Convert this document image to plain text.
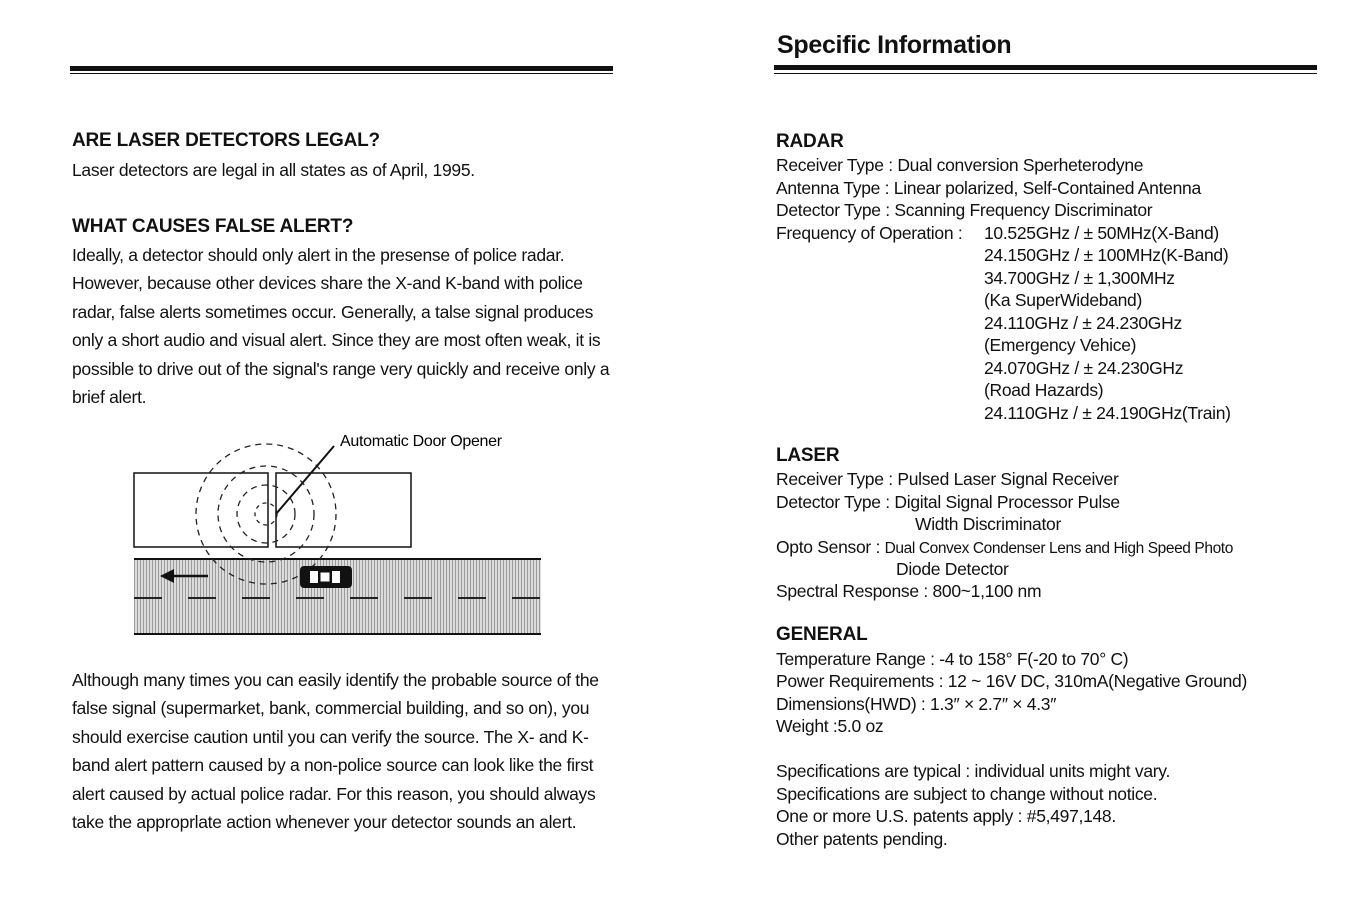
ARE LASER DETECTORS LEGAL?

Laser detectors are legal in all states as of April, 1995.

WHAT CAUSES FALSE ALERT?

Ideally, a detector should only alert in the presense of police radar. However, because other devices share the X-and K-band with police radar, false alerts sometimes occur. Generally, a talse signal produces only a short audio and visual alert. Since they are most often weak, it is possible to drive out of the signal's range very quickly and receive only a brief alert.

Automatic Door Opener

Although many times you can easily identify the probable source of the false signal (supermarket, bank, commercial building, and so on), you should exercise caution until you can verify the source. The X- and K-band alert pattern caused by a non-police source can look like the first alert caused by actual police radar. For this reason, you should always take the approprlate action whenever your detector sounds an alert.

Specific Information
RADAR
Receiver Type : Dual conversion Sperheterodyne
Antenna Type : Linear polarized, Self-Contained Antenna
Detector Type : Scanning Frequency Discriminator
Frequency of Operation : 10.525GHz / ± 50MHz(X-Band)
24.150GHz / ± 100MHz(K-Band)
34.700GHz / ± 1,300MHz
(Ka SuperWideband)
24.110GHz / ± 24.230GHz
(Emergency Vehice)
24.070GHz / ± 24.230GHz
(Road Hazards)
24.110GHz / ± 24.190GHz(Train)
LASER
Receiver Type : Pulsed Laser Signal Receiver
Detector Type : Digital Signal Processor Pulse
Width Discriminator
Opto Sensor : Dual Convex Condenser Lens and High Speed Photo
Diode Detector
Spectral Response : 800~1,100 nm
GENERAL
Temperature Range : -4 to 158° F(-20 to 70° C)
Power Requirements : 12 ~ 16V DC, 310mA(Negative Ground)
Dimensions(HWD) : 1.3″ × 2.7″ × 4.3″
Weight :5.0 oz
Specifications are typical : individual units might vary.
Specifications are subject to change without notice.
One or more U.S. patents apply : #5,497,148.
Other patents pending.
